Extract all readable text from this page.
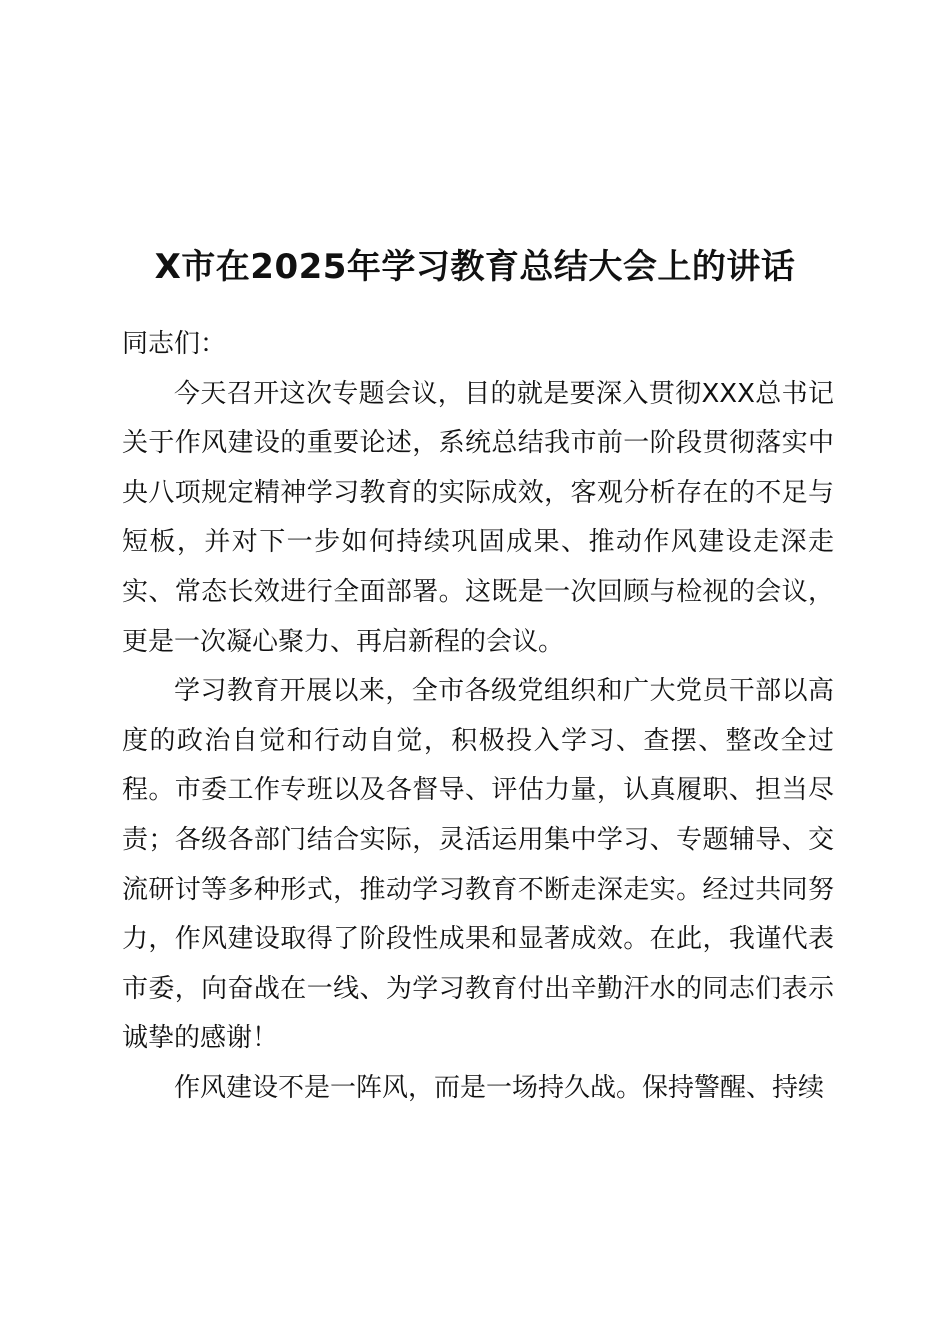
X市在2025年学习教育总结大会上的讲话

同志们：

今天召开这次专题会议，目的就是要深入贯彻XXX总书记关于作风建设的重要论述，系统总结我市前一阶段贯彻落实中央八项规定精神学习教育的实际成效，客观分析存在的不足与短板，并对下一步如何持续巩固成果、推动作风建设走深走实、常态长效进行全面部署。这既是一次回顾与检视的会议，更是一次凝心聚力、再启新程的会议。

学习教育开展以来，全市各级党组织和广大党员干部以高度的政治自觉和行动自觉，积极投入学习、查摆、整改全过程。市委工作专班以及各督导、评估力量，认真履职、担当尽责；各级各部门结合实际，灵活运用集中学习、专题辅导、交流研讨等多种形式，推动学习教育不断走深走实。经过共同努力，作风建设取得了阶段性成果和显著成效。在此，我谨代表市委，向奋战在一线、为学习教育付出辛勤汗水的同志们表示诚挚的感谢！

作风建设不是一阵风，而是一场持久战。保持警醒、持续
